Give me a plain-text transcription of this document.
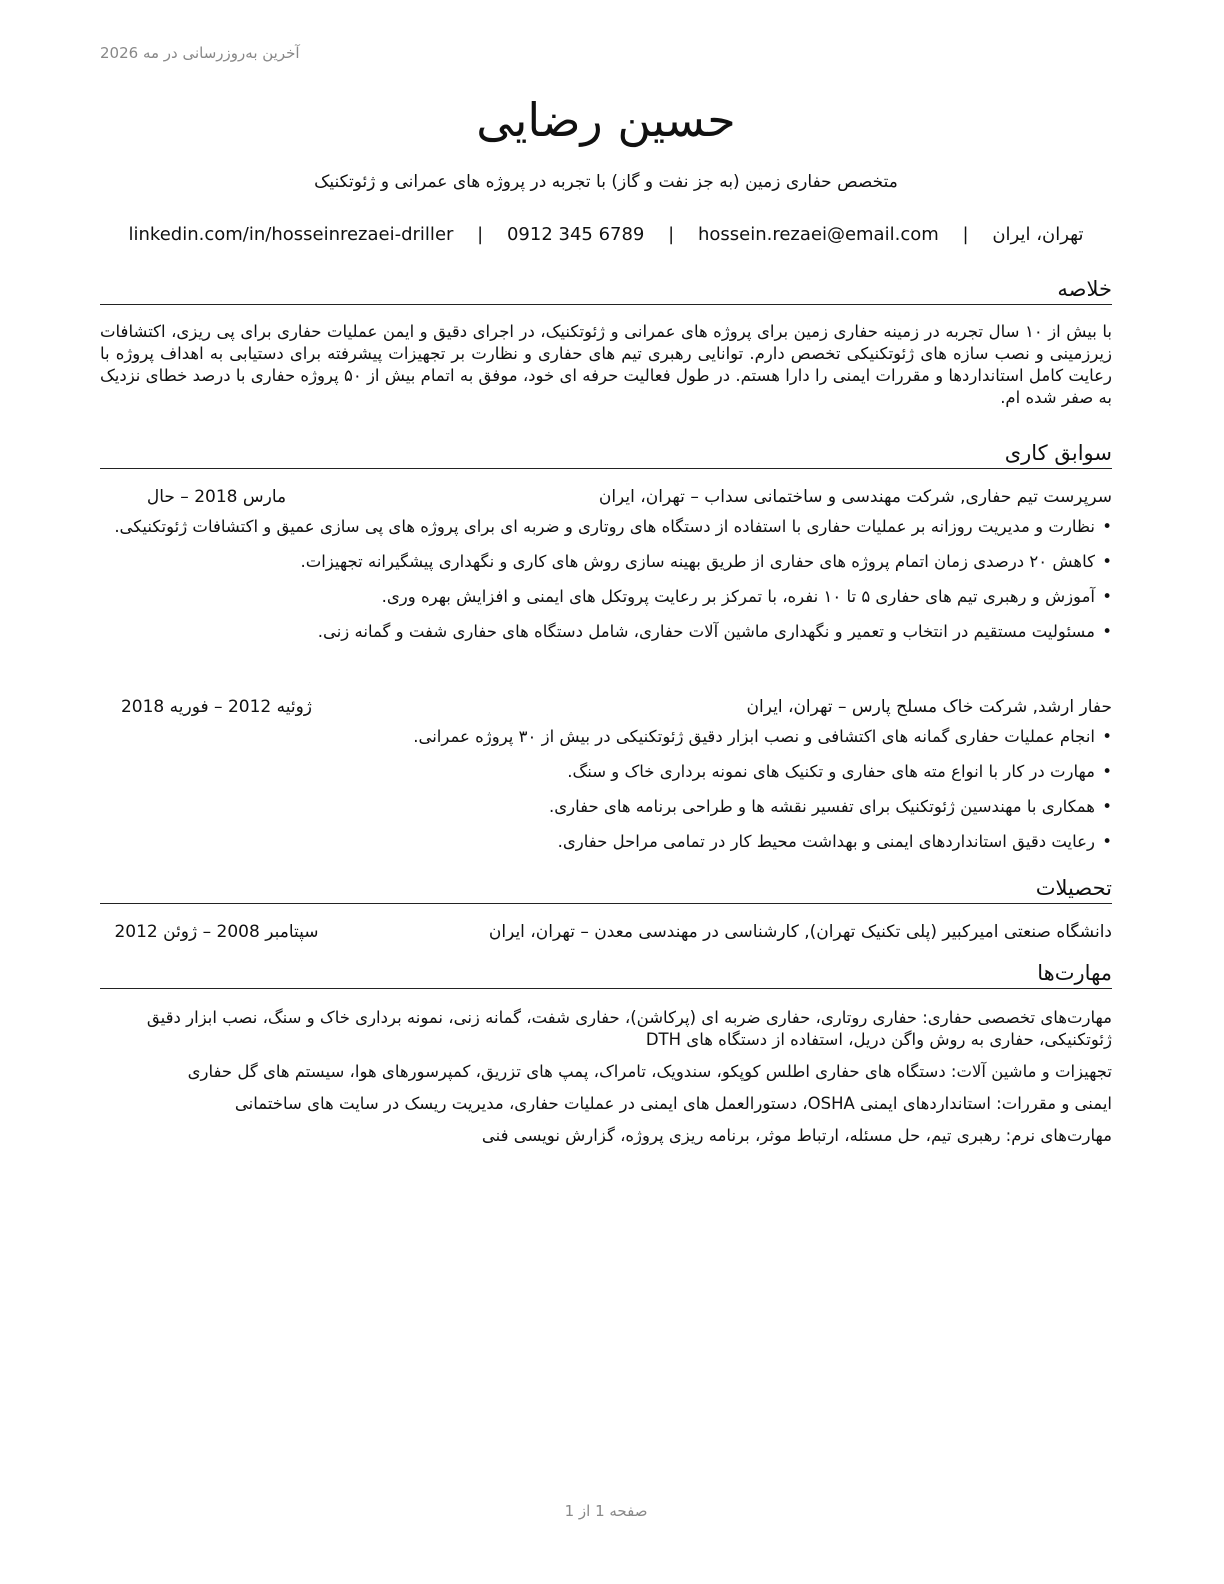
آخرین به‌روزرسانی در مه 2026
حسین رضایی
متخصص حفاری زمین (به جز نفت و گاز) با تجربه در پروژه های عمرانی و ژئوتکنیک
تهران، ایران | hossein.rezaei@email.com | 0912 345 6789 | linkedin.com/in/hosseinrezaei-driller
خلاصه
با بیش از ۱۰ سال تجربه در زمینه حفاری زمین برای پروژه های عمرانی و ژئوتکنیک، در اجرای دقیق و ایمن عملیات حفاری برای پی ریزی، اکتشافات زیرزمینی و نصب سازه های ژئوتکنیکی تخصص دارم. توانایی رهبری تیم های حفاری و نظارت بر تجهیزات پیشرفته برای دستیابی به اهداف پروژه با رعایت کامل استانداردها و مقررات ایمنی را دارا هستم. در طول فعالیت حرفه ای خود، موفق به اتمام بیش از ۵۰ پروژه حفاری با درصد خطای نزدیک به صفر شده ام.
سوابق کاری
سرپرست تیم حفاری, شرکت مهندسی و ساختمانی سداب – تهران، ایران
مارس 2018 – حال
• نظارت و مدیریت روزانه بر عملیات حفاری با استفاده از دستگاه های روتاری و ضربه ای برای پروژه های پی سازی عمیق و اکتشافات ژئوتکنیکی.
• کاهش ۲۰ درصدی زمان اتمام پروژه های حفاری از طریق بهینه سازی روش های کاری و نگهداری پیشگیرانه تجهیزات.
• آموزش و رهبری تیم های حفاری ۵ تا ۱۰ نفره، با تمرکز بر رعایت پروتکل های ایمنی و افزایش بهره وری.
• مسئولیت مستقیم در انتخاب و تعمیر و نگهداری ماشین آلات حفاری، شامل دستگاه های حفاری شفت و گمانه زنی.
حفار ارشد, شرکت خاک مسلح پارس – تهران، ایران
ژوئیه 2012 – فوریه 2018
• انجام عملیات حفاری گمانه های اکتشافی و نصب ابزار دقیق ژئوتکنیکی در بیش از ۳۰ پروژه عمرانی.
• مهارت در کار با انواع مته های حفاری و تکنیک های نمونه برداری خاک و سنگ.
• همکاری با مهندسین ژئوتکنیک برای تفسیر نقشه ها و طراحی برنامه های حفاری.
• رعایت دقیق استانداردهای ایمنی و بهداشت محیط کار در تمامی مراحل حفاری.
تحصیلات
دانشگاه صنعتی امیرکبیر (پلی تکنیک تهران), کارشناسی در مهندسی معدن – تهران، ایران
سپتامبر 2008 – ژوئن 2012
مهارت‌ها
مهارت‌های تخصصی حفاری: حفاری روتاری، حفاری ضربه ای (پرکاشن)، حفاری شفت، گمانه زنی، نمونه برداری خاک و سنگ، نصب ابزار دقیق ژئوتکنیکی، حفاری به روش واگن دریل، استفاده از دستگاه های DTH
تجهیزات و ماشین آلات: دستگاه های حفاری اطلس کوپکو، سندویک، تامراک، پمپ های تزریق، کمپرسورهای هوا، سیستم های گل حفاری
ایمنی و مقررات: استانداردهای ایمنی OSHA، دستورالعمل های ایمنی در عملیات حفاری، مدیریت ریسک در سایت های ساختمانی
مهارت‌های نرم: رهبری تیم، حل مسئله، ارتباط موثر، برنامه ریزی پروژه، گزارش نویسی فنی
صفحه 1 از 1
